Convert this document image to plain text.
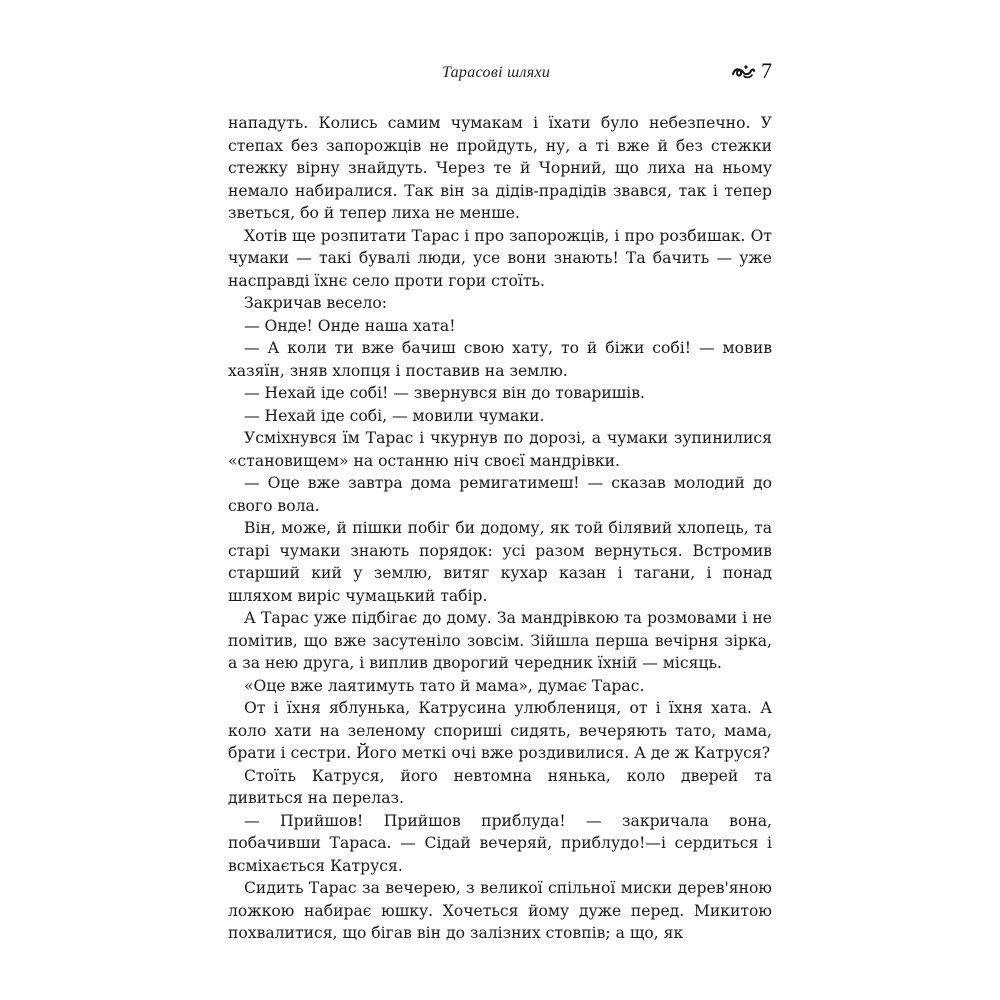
Тарасові шляхи	7

нападуть. Колись самим чумакам і їхати було небезпечно. У степах без запорожців не пройдуть, ну, а ті вже й без стежки стежку вірну знайдуть. Через те й Чорний, що лиха на ньому немало набиралися. Так він за дідів-прадідів звався, так і тепер зветься, бо й тепер лиха не менше.

Хотів ще розпитати Тарас і про запорожців, і про розбишак. От чумаки — такі бувалі люди, усе вони знають! Та бачить — уже насправді їхнє село проти гори стоїть.

Закричав весело:

— Онде! Онде наша хата!

— А коли ти вже бачиш свою хату, то й біжи собі! — мовив хазяїн, зняв хлопця і поставив на землю.

— Нехай іде собі! — звернувся він до товаришів.

— Нехай іде собі, — мовили чумаки.

Усміхнувся їм Тарас і чкурнув по дорозі, а чумаки зупинилися «становищем» на останню ніч своєї мандрівки.

— Оце вже завтра дома ремигатимеш! — сказав молодий до свого вола.

Він, може, й пішки побіг би додому, як той білявий хлопець, та старі чумаки знають порядок: усі разом вернуться. Встромив старший кий у землю, витяг кухар казан і тагани, і понад шляхом виріс чумацький табір.

А Тарас уже підбігає до дому. За мандрівкою та розмовами і не помітив, що вже засутеніло зовсім. Зійшла перша вечірня зірка, а за нею друга, і виплив дворогий чередник їхній — місяць.

«Оце вже лаятимуть тато й мама», думає Тарас.

От і їхня яблунька, Катрусина улюблениця, от і їхня хата. А коло хати на зеленому спориші сидять, вечеряють тато, мама, брати і сестри. Його меткі очі вже роздивилися. А де ж Катруся?

Стоїть Катруся, його невтомна нянька, коло дверей та дивиться на перелаз.

— Прийшов! Прийшов приблуда! — закричала вона, побачивши Тараса. — Сідай вечеряй, приблудо!—і сердиться і всміхається Катруся.

Сидить Тарас за вечерею, з великої спільної миски дерев'яною ложкою набирає юшку. Хочеться йому дуже перед. Микитою похвалитися, що бігав він до залізних стовпів; а що, як
